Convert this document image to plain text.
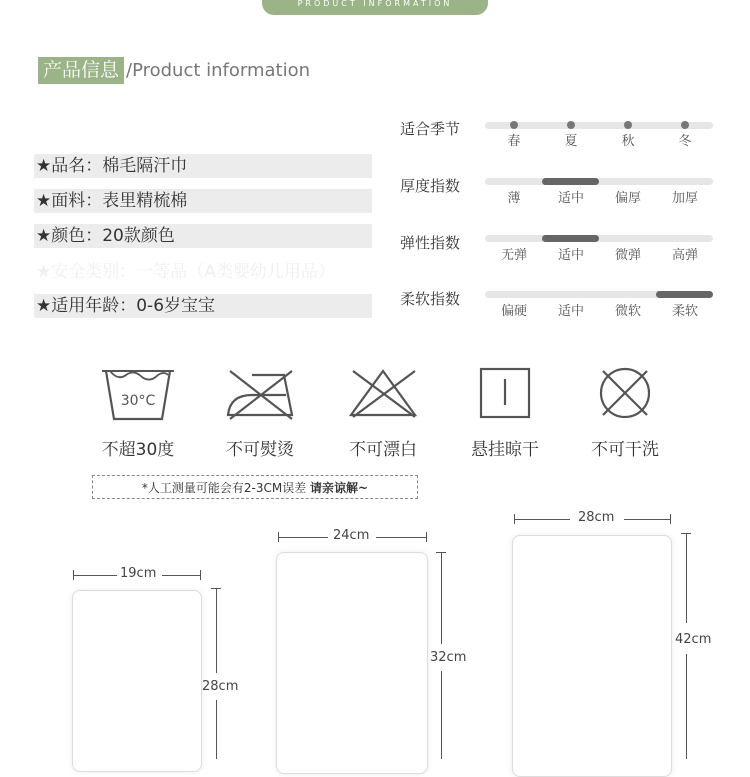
PRODUCT INFORMATION
产品信息 /Product information
★品名：棉毛隔汗巾
★面料：表里精梳棉
★颜色：20款颜色
★安全类别：一等品（A类婴幼儿用品）
★适用年龄：0-6岁宝宝
适合季节
春	夏	秋	冬
厚度指数
薄	适中	偏厚	加厚
弹性指数
无弹	适中	微弹	高弹
柔软指数
偏硬	适中	微软	柔软
30°C
不超30度	不可熨烫	不可漂白	悬挂晾干	不可干洗
*人工测量可能会有2-3CM误差 请亲谅解~
19cm
28cm
24cm
32cm
28cm
42cm
